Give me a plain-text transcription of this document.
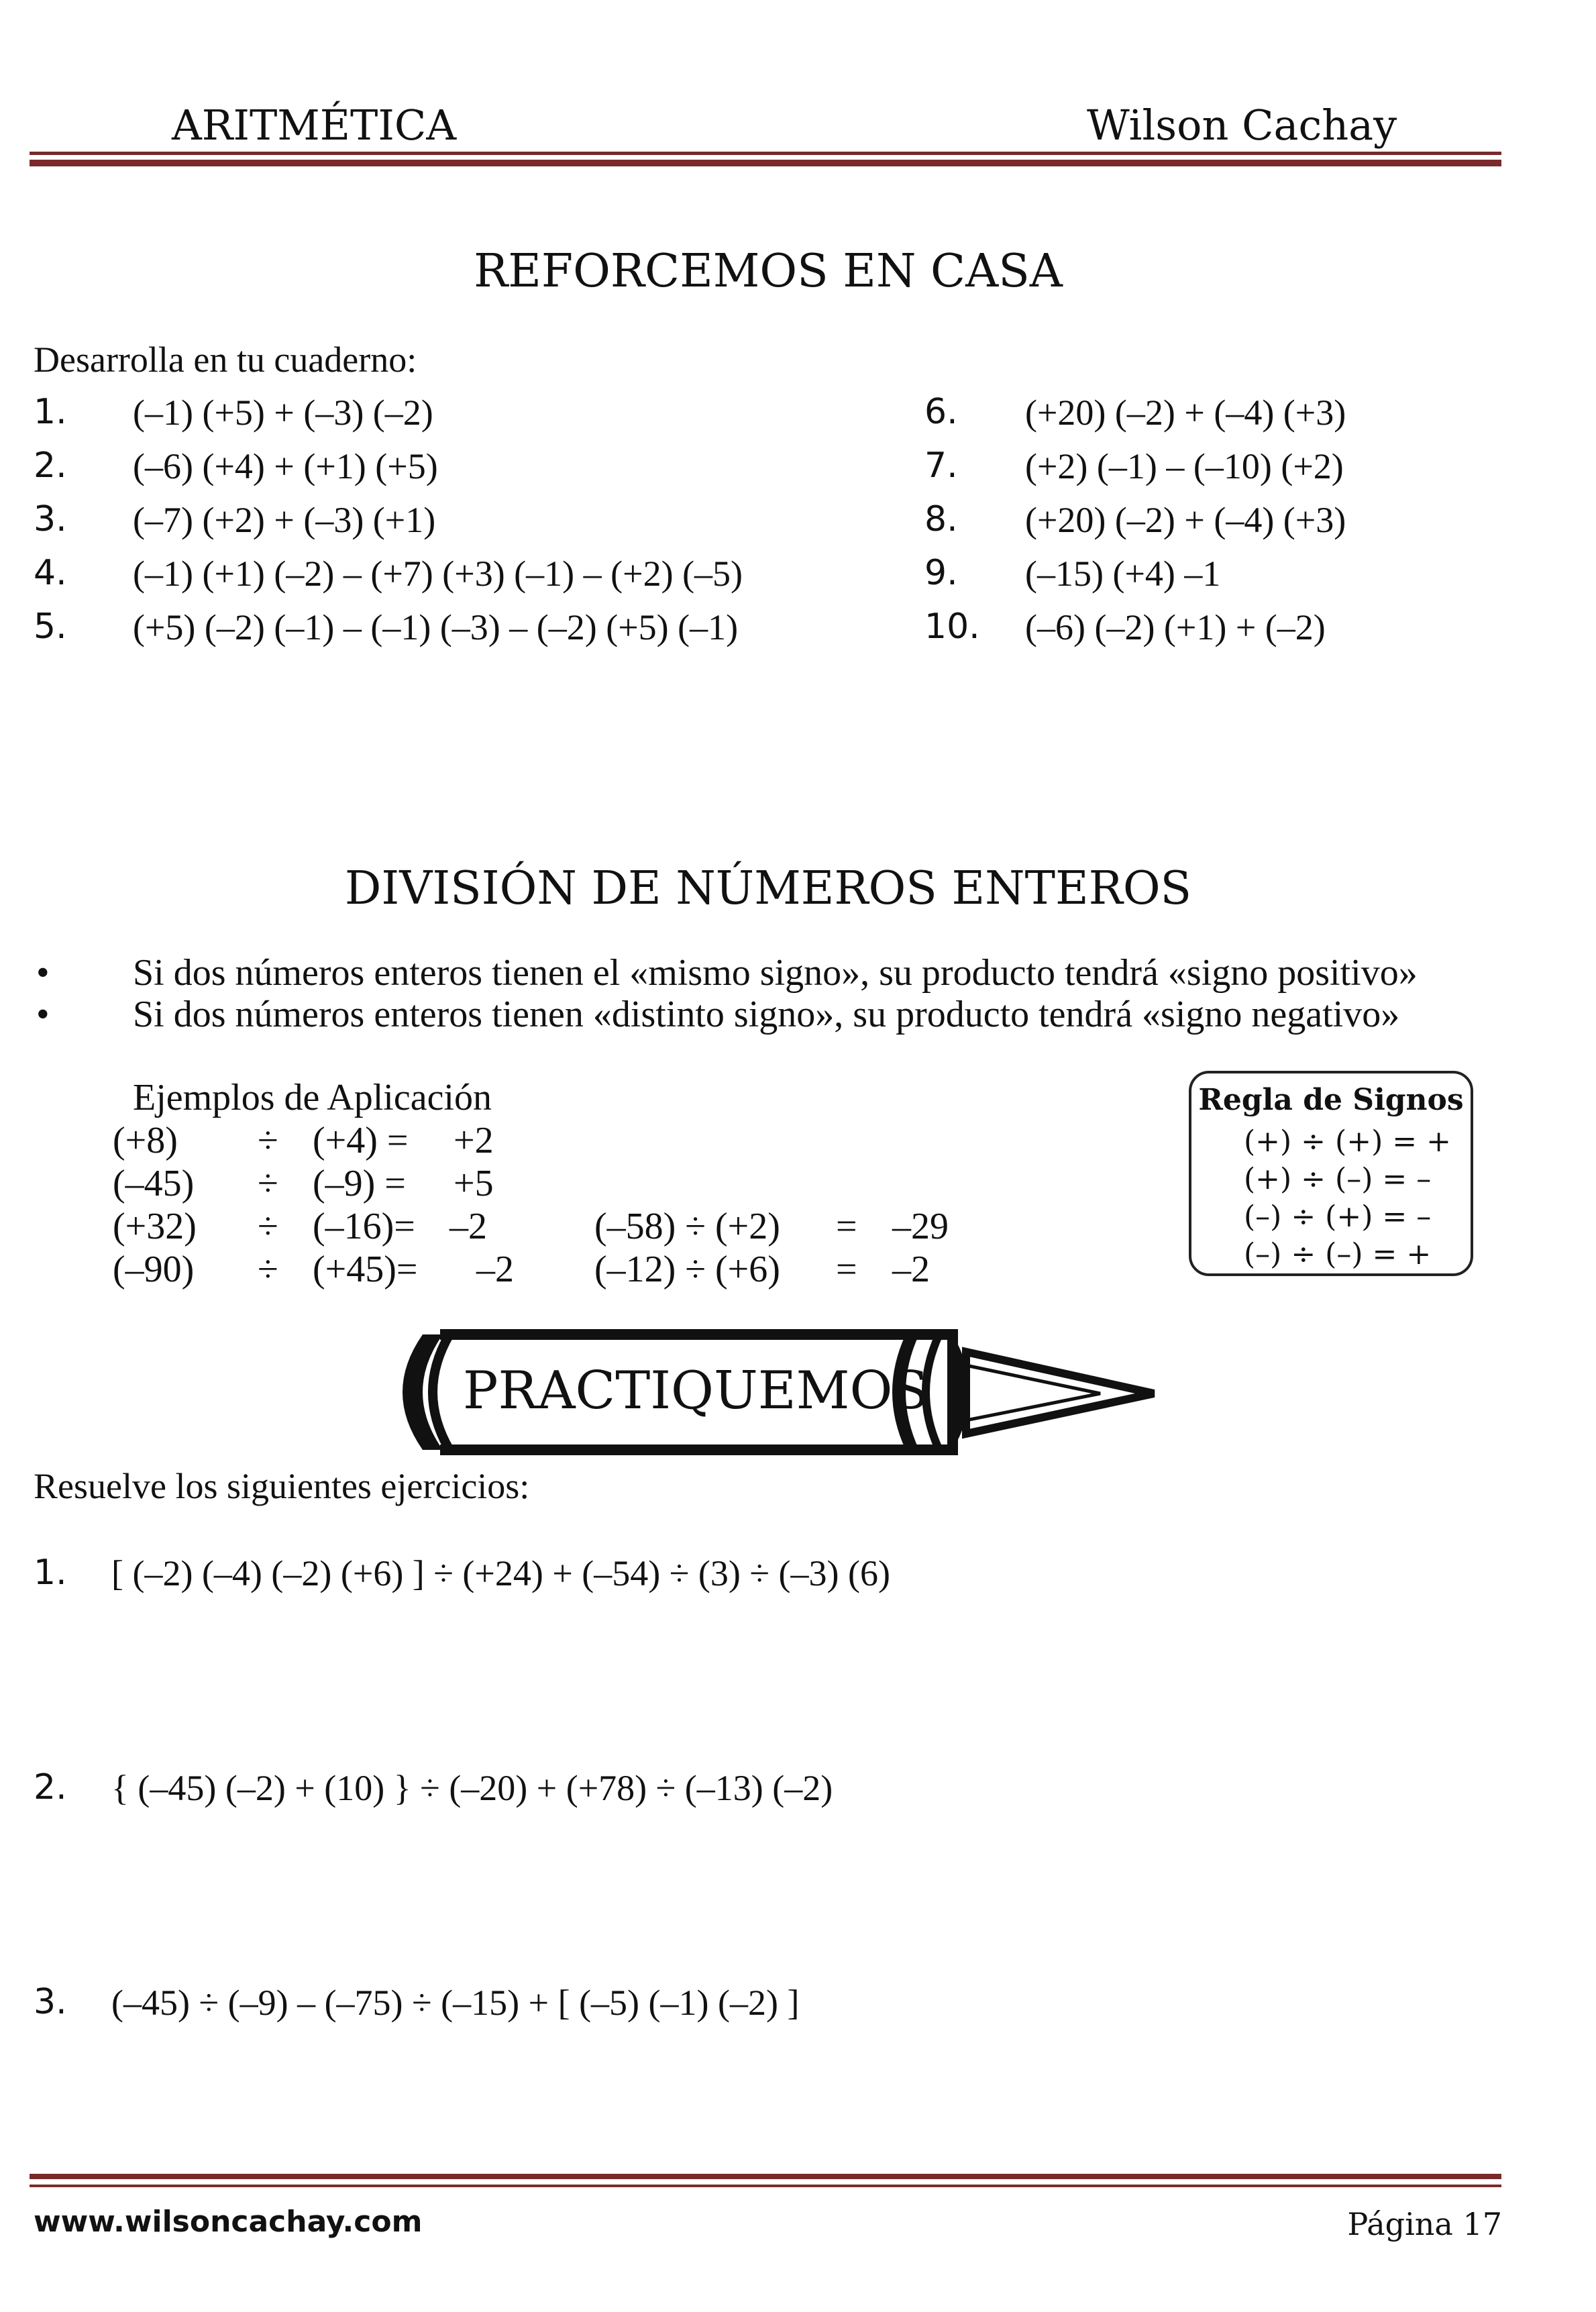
ARITMÉTICA	Wilson Cachay
REFORCEMOS EN CASA
Desarrolla en tu cuaderno:
1. (–1) (+5) + (–3) (–2)
2. (–6) (+4) + (+1) (+5)
3. (–7) (+2) + (–3) (+1)
4. (–1) (+1) (–2) – (+7) (+3) (–1) – (+2) (–5)
5. (+5) (–2) (–1) – (–1) (–3) – (–2) (+5) (–1)
6. (+20) (–2) + (–4) (+3)
7. (+2) (–1) – (–10) (+2)
8. (+20) (–2) + (–4) (+3)
9. (–15) (+4) –1
10. (–6) (–2) (+1) + (–2)
DIVISIÓN DE NÚMEROS ENTEROS
• Si dos números enteros tienen el «mismo signo», su producto tendrá «signo positivo»
• Si dos números enteros tienen «distinto signo», su producto tendrá «signo negativo»
Ejemplos de Aplicación
(+8) ÷ (+4) = +2
(–45) ÷ (–9) = +5
(+32) ÷ (–16)= –2
(–90) ÷ (+45)= –2
(–58) ÷ (+2) = –29
(–12) ÷ (+6) = –2
Regla de Signos
(+) ÷ (+) = +
(+) ÷ (–) = –
(–) ÷ (+) = –
(–) ÷ (–) = +
PRACTIQUEMOS
Resuelve los siguientes ejercicios:
1. [ (–2) (–4) (–2) (+6) ] ÷ (+24) + (–54) ÷ (3) ÷ (–3) (6)
2. { (–45) (–2) + (10) } ÷ (–20) + (+78) ÷ (–13) (–2)
3. (–45) ÷ (–9) – (–75) ÷ (–15) + [ (–5) (–1) (–2) ]
www.wilsoncachay.com	Página 17
